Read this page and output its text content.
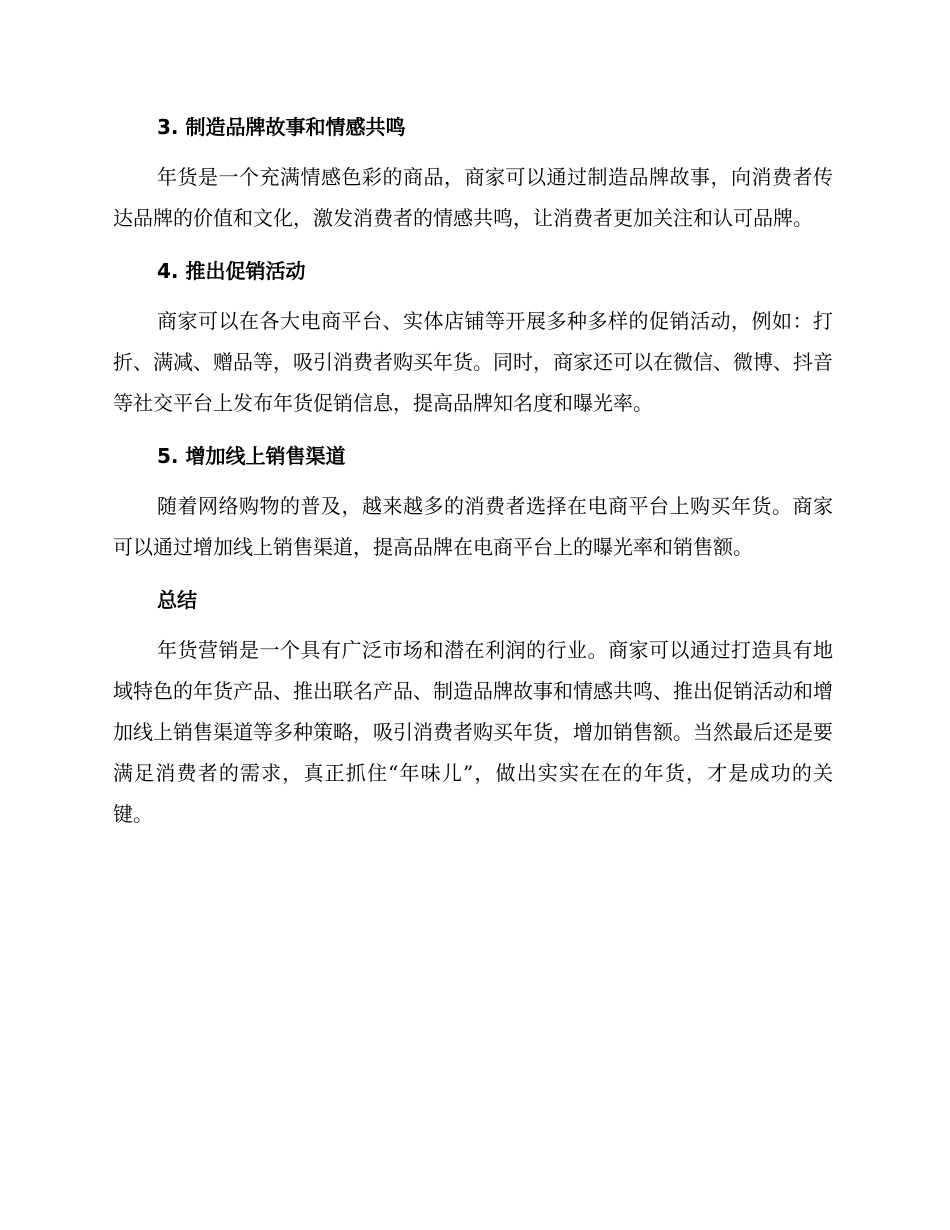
3. 制造品牌故事和情感共鸣

年货是一个充满情感色彩的商品，商家可以通过制造品牌故事，向消费者传达品牌的价值和文化，激发消费者的情感共鸣，让消费者更加关注和认可品牌。

4. 推出促销活动

商家可以在各大电商平台、实体店铺等开展多种多样的促销活动，例如：打折、满减、赠品等，吸引消费者购买年货。同时，商家还可以在微信、微博、抖音等社交平台上发布年货促销信息，提高品牌知名度和曝光率。

5. 增加线上销售渠道

随着网络购物的普及，越来越多的消费者选择在电商平台上购买年货。商家可以通过增加线上销售渠道，提高品牌在电商平台上的曝光率和销售额。

总结

年货营销是一个具有广泛市场和潜在利润的行业。商家可以通过打造具有地域特色的年货产品、推出联名产品、制造品牌故事和情感共鸣、推出促销活动和增加线上销售渠道等多种策略，吸引消费者购买年货，增加销售额。当然最后还是要满足消费者的需求，真正抓住“年味儿”，做出实实在在的年货，才是成功的关键。
